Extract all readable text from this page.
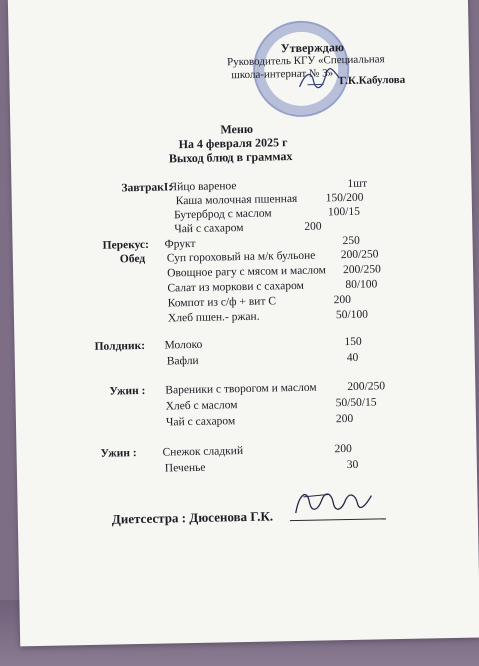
Утверждаю
Руководитель КГУ «Специальная
школа-интернат № 3» Г.К.Кабулова
Меню
На 4 февраля 2025 г
Выход блюд в граммах
ЗавтракI:
Яйцо вареное	1шт
Каша молочная пшенная 150/200
Бутерброд с маслом	100/15
Чай с сахаром	200
Перекус: Фрукт	250
Обед Суп гороховый на м/к бульоне 200/250
Овощное рагу с мясом и маслом 200/250
Салат из моркови с сахаром	80/100
Компот из с/ф + вит С	200
Хлеб пшен.- ржан.	50/100
Полдник: Молоко	150
Вафли	40
Ужин : Вареники с творогом и маслом	200/250
Хлеб с маслом	50/50/15
Чай с сахаром	200
Ужин : Снежок сладкий	200
Печенье	30
Диетсестра : Дюсенова Г.К.
